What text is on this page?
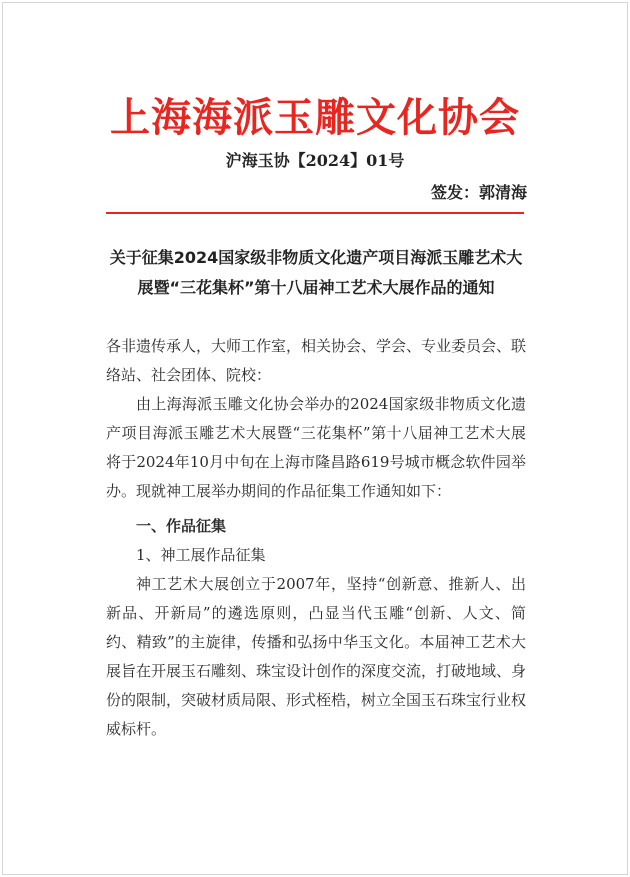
上海海派玉雕文化协会
沪海玉协【2024】01号
签发：郭清海
关于征集2024国家级非物质文化遗产项目海派玉雕艺术大
展暨“三花集杯”第十八届神工艺术大展作品的通知

各非遗传承人，大师工作室，相关协会、学会、专业委员会、联络站、社会团体、院校：

由上海海派玉雕文化协会举办的2024国家级非物质文化遗产项目海派玉雕艺术大展暨“三花集杯”第十八届神工艺术大展将于2024年10月中旬在上海市隆昌路619号城市概念软件园举办。现就神工展举办期间的作品征集工作通知如下：

一、作品征集

1、神工展作品征集

神工艺术大展创立于2007年，坚持“创新意、推新人、出新品、开新局”的遴选原则，凸显当代玉雕“创新、人文、简约、精致”的主旋律，传播和弘扬中华玉文化。本届神工艺术大展旨在开展玉石雕刻、珠宝设计创作的深度交流，打破地域、身份的限制，突破材质局限、形式桎梏，树立全国玉石珠宝行业权威标杆。
